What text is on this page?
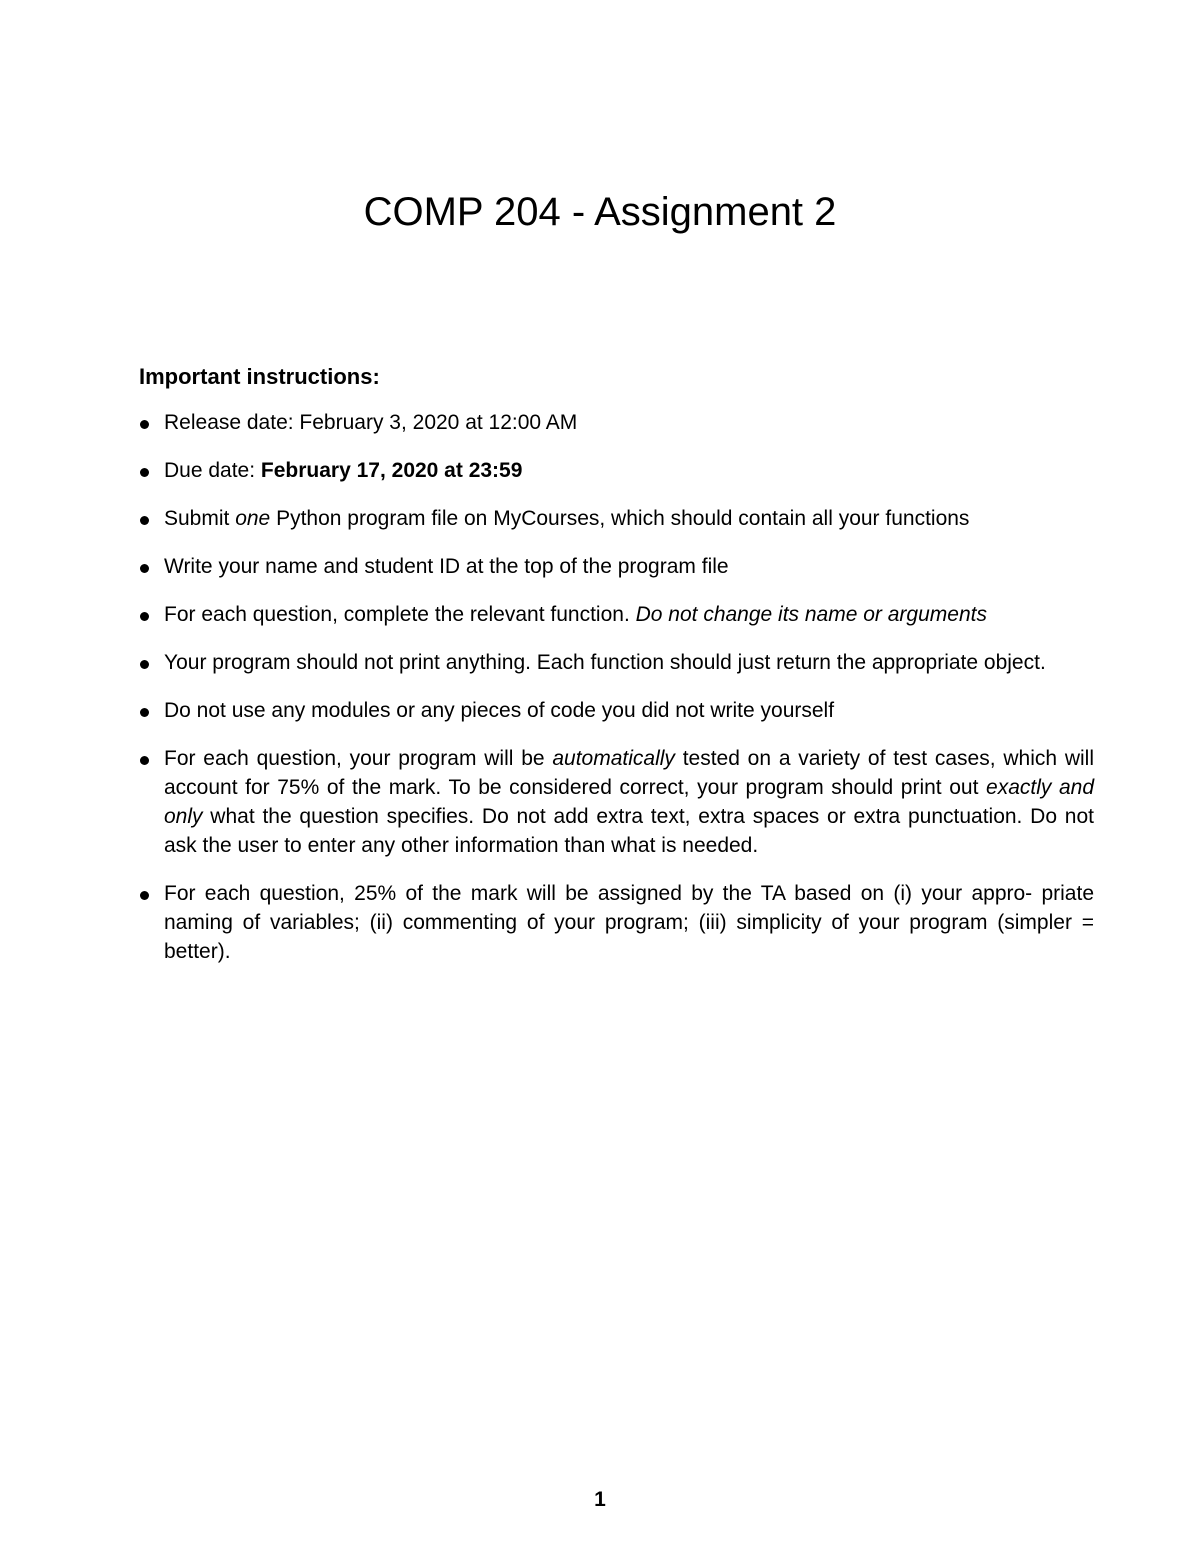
COMP 204 - Assignment 2
Important instructions:
Release date: February 3, 2020 at 12:00 AM
Due date: February 17, 2020 at 23:59
Submit one Python program file on MyCourses, which should contain all your functions
Write your name and student ID at the top of the program file
For each question, complete the relevant function. Do not change its name or arguments
Your program should not print anything. Each function should just return the appropriate object.
Do not use any modules or any pieces of code you did not write yourself
For each question, your program will be automatically tested on a variety of test cases, which will account for 75% of the mark. To be considered correct, your program should print out exactly and only what the question specifies. Do not add extra text, extra spaces or extra punctuation. Do not ask the user to enter any other information than what is needed.
For each question, 25% of the mark will be assigned by the TA based on (i) your appro- priate naming of variables; (ii) commenting of your program; (iii) simplicity of your program (simpler = better).
1
